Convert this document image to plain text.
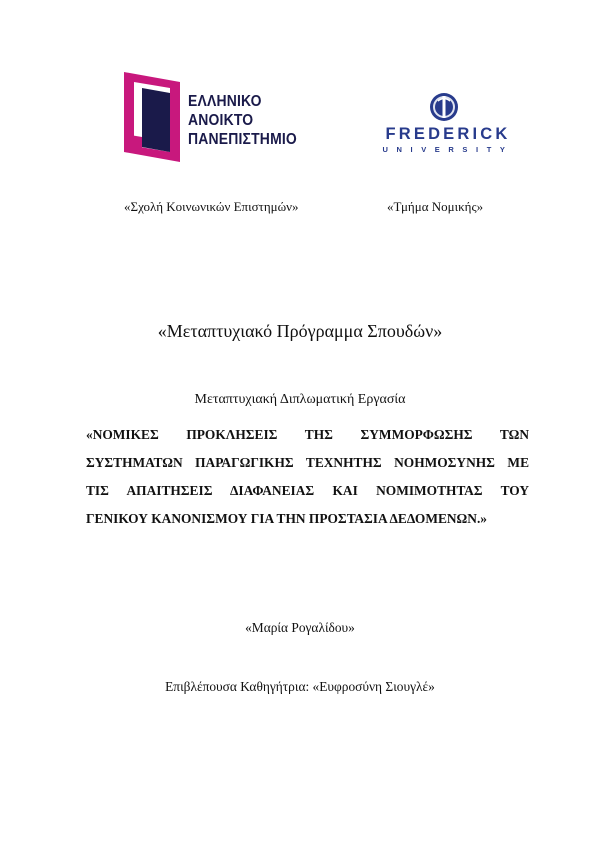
ΕΛΛΗΝΙΚΟ
ΑΝΟΙΚΤΟ
ΠΑΝΕΠΙΣΤΗΜΙΟ	FREDERICK
UNIVERSITY
«Σχολή Κοινωνικών Επιστημών»	«Τμήμα Νομικής»
«Μεταπτυχιακό Πρόγραμμα Σπουδών»
Μεταπτυχιακή Διπλωματική Εργασία
«ΝΟΜΙΚΕΣ ΠΡΟΚΛΗΣΕΙΣ ΤΗΣ ΣΥΜΜΟΡΦΩΣΗΣ ΤΩΝ
ΣΥΣΤΗΜΑΤΩΝ ΠΑΡΑΓΩΓΙΚΗΣ ΤΕΧΝΗΤΗΣ ΝΟΗΜΟΣΥΝΗΣ ΜΕ
ΤΙΣ ΑΠΑΙΤΗΣΕΙΣ ΔΙΑΦΑΝΕΙΑΣ ΚΑΙ ΝΟΜΙΜΟΤΗΤΑΣ ΤΟΥ
ΓΕΝΙΚΟΥ ΚΑΝΟΝΙΣΜΟΥ ΓΙΑ ΤΗΝ ΠΡΟΣΤΑΣΙΑ ΔΕΔΟΜΕΝΩΝ.»
«Μαρία Ρογαλίδου»
Επιβλέπουσα Καθηγήτρια: «Ευφροσύνη Σιουγλέ»
